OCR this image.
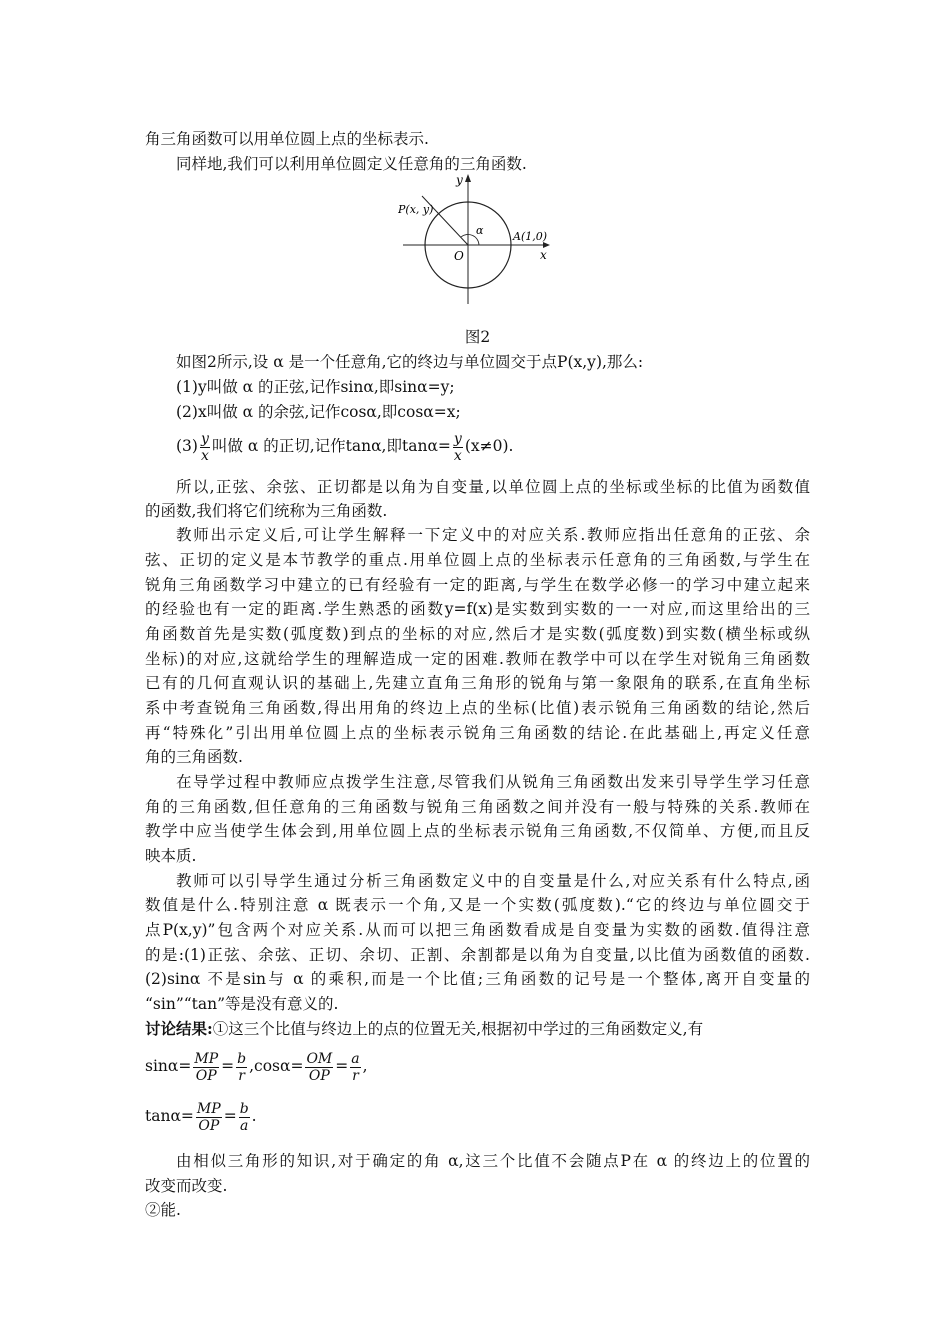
角三角函数可以用单位圆上点的坐标表示.
同样地,我们可以利用单位圆定义任意角的三角函数.
y
x
O
P(x, y)
A(1,0)
α
图2
如图2所示,设 α 是一个任意角,它的终边与单位圆交于点P(x,y),那么:
(1)y叫做 α 的正弦,记作sinα,即sinα=y;
(2)x叫做 α 的余弦,记作cosα,即cosα=x;
$(3) \frac{y}{x}$ 叫做 α 的正切,记作tanα,即$\tan\alpha= \frac{y}{x} (x\ne 0)$.
所以,正弦、余弦、正切都是以角为自变量,以单位圆上点的坐标或坐标的比值为函数值
的函数,我们将它们统称为三角函数.
教师出示定义后,可让学生解释一下定义中的对应关系.教师应指出任意角的正弦、余
弦、正切的定义是本节教学的重点.用单位圆上点的坐标表示任意角的三角函数,与学生在
锐角三角函数学习中建立的已有经验有一定的距离,与学生在数学必修一的学习中建立起来
的经验也有一定的距离.学生熟悉的函数y=f(x)是实数到实数的一一对应,而这里给出的三
角函数首先是实数(弧度数)到点的坐标的对应,然后才是实数(弧度数)到实数(横坐标或纵
坐标)的对应,这就给学生的理解造成一定的困难.教师在教学中可以在学生对锐角三角函数
已有的几何直观认识的基础上,先建立直角三角形的锐角与第一象限角的联系,在直角坐标
系中考查锐角三角函数,得出用角的终边上点的坐标(比值)表示锐角三角函数的结论,然后
再“特殊化”引出用单位圆上点的坐标表示锐角三角函数的结论.在此基础上,再定义任意
角的三角函数.
在导学过程中教师应点拨学生注意,尽管我们从锐角三角函数出发来引导学生学习任意
角的三角函数,但任意角的三角函数与锐角三角函数之间并没有一般与特殊的关系.教师在
教学中应当使学生体会到,用单位圆上点的坐标表示锐角三角函数,不仅简单、方便,而且反
映本质.
教师可以引导学生通过分析三角函数定义中的自变量是什么,对应关系有什么特点,函
数值是什么.特别注意 α 既表示一个角,又是一个实数(弧度数).“它的终边与单位圆交于
点P(x,y)”包含两个对应关系.从而可以把三角函数看成是自变量为实数的函数.值得注意
的是:(1)正弦、余弦、正切、余切、正割、余割都是以角为自变量,以比值为函数值的函数.
(2)sinα 不是sin与 α 的乘积,而是一个比值;三角函数的记号是一个整体,离开自变量的
“sin”“tan”等是没有意义的.
讨论结果:①这三个比值与终边上的点的位置无关,根据初中学过的三角函数定义,有
$\sin\alpha= \frac{MP}{OP} = \frac{b}{r} ,\cos\alpha= \frac{OM}{OP} = \frac{a}{r}$ ,
$\tan\alpha= \frac{MP}{OP} = \frac{b}{a}$ .
由相似三角形的知识,对于确定的角 α,这三个比值不会随点P在 α 的终边上的位置的
改变而改变.
②能.
